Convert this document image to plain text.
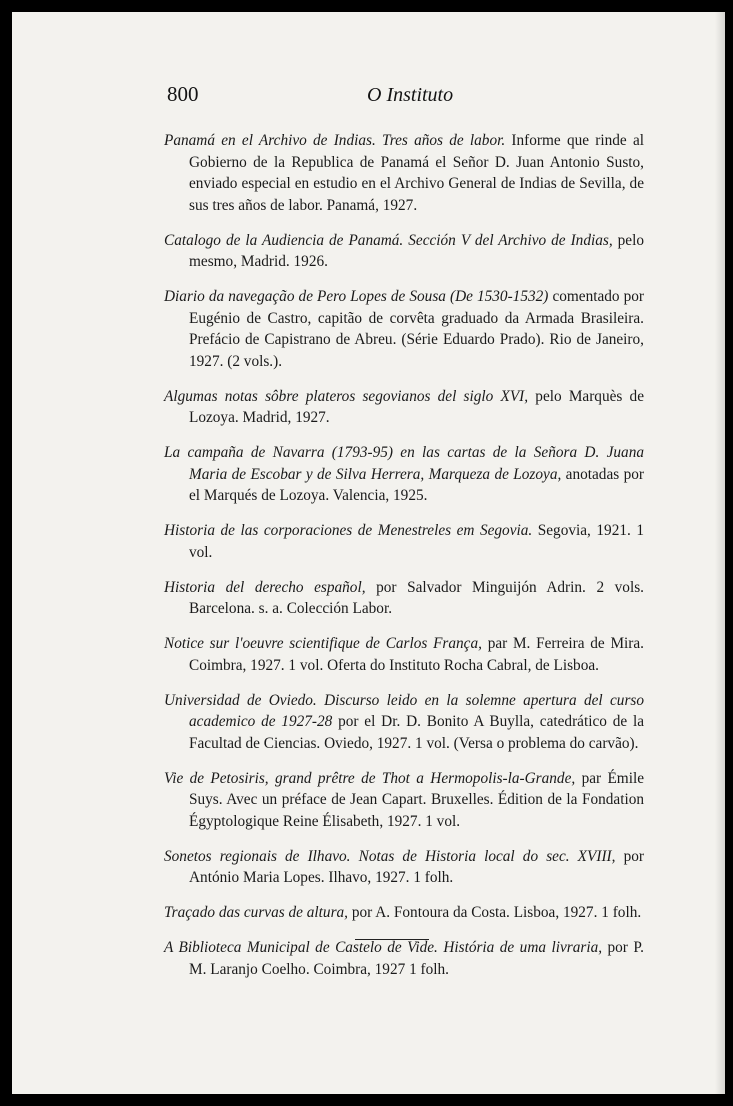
800	O Instituto

Panamá en el Archivo de Indias. Tres años de labor. Informe que rinde al Gobierno de la Republica de Panamá el Señor D. Juan Antonio Susto, enviado especial en estudio en el Archivo General de Indias de Sevilla, de sus tres años de labor. Panamá, 1927.

Catalogo de la Audiencia de Panamá. Sección V del Archivo de Indias, pelo mesmo, Madrid. 1926.

Diario da navegação de Pero Lopes de Sousa (De 1530-1532) comentado por Eugénio de Castro, capitão de corvêta graduado da Armada Brasileira. Prefácio de Capistrano de Abreu. (Série Eduardo Prado). Rio de Janeiro, 1927. (2 vols.).

Algumas notas sôbre plateros segovianos del siglo XVI, pelo Marquès de Lozoya. Madrid, 1927.

La campaña de Navarra (1793-95) en las cartas de la Señora D. Juana Maria de Escobar y de Silva Herrera, Marqueza de Lozoya, anotadas por el Marqués de Lozoya. Valencia, 1925.

Historia de las corporaciones de Menestreles em Segovia. Segovia, 1921. 1 vol.

Historia del derecho español, por Salvador Minguijón Adrin. 2 vols. Barcelona. s. a. Colección Labor.

Notice sur l'oeuvre scientifique de Carlos França, par M. Ferreira de Mira. Coimbra, 1927. 1 vol. Oferta do Instituto Rocha Cabral, de Lisboa.

Universidad de Oviedo. Discurso leido en la solemne apertura del curso academico de 1927-28 por el Dr. D. Bonito A Buylla, catedrático de la Facultad de Ciencias. Oviedo, 1927. 1 vol. (Versa o problema do carvão).

Vie de Petosiris, grand prêtre de Thot a Hermopolis-la-Grande, par Émile Suys. Avec un préface de Jean Capart. Bruxelles. Édition de la Fondation Égyptologique Reine Élisabeth, 1927. 1 vol.

Sonetos regionais de Ilhavo. Notas de Historia local do sec. XVIII, por António Maria Lopes. Ilhavo, 1927. 1 folh.

Traçado das curvas de altura, por A. Fontoura da Costa. Lisboa, 1927. 1 folh.

A Biblioteca Municipal de Castelo de Vide. História de uma livraria, por P. M. Laranjo Coelho. Coimbra, 1927 1 folh.
